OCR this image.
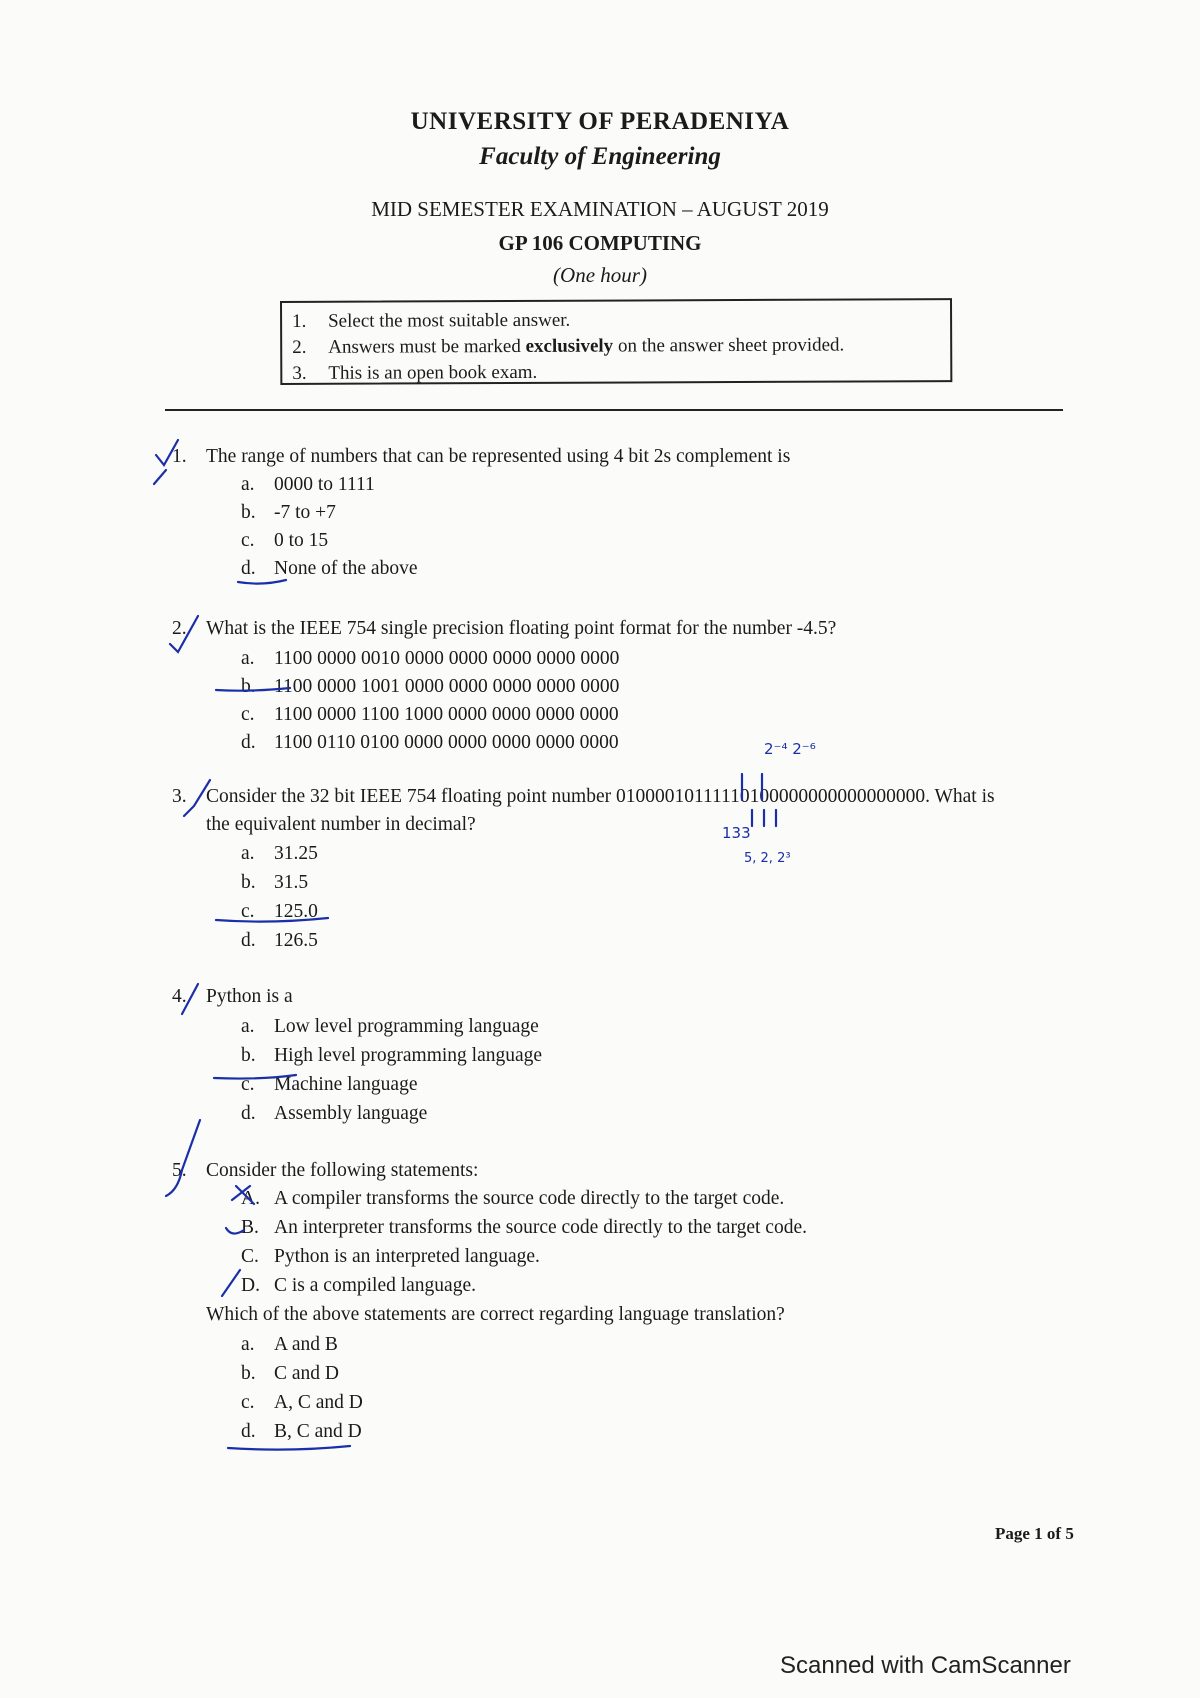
UNIVERSITY OF PERADENIYA
Faculty of Engineering
MID SEMESTER EXAMINATION – AUGUST 2019
GP 106 COMPUTING
(One hour)
1.	Select the most suitable answer.
2.	Answers must be marked exclusively on the answer sheet provided.
3.	This is an open book exam.
1. The range of numbers that can be represented using 4 bit 2s complement is
a. 0000 to 1111
b. -7 to +7
c. 0 to 15
d. None of the above
2. What is the IEEE 754 single precision floating point format for the number -4.5?
a. 1100 0000 0010 0000 0000 0000 0000 0000
b. 1100 0000 1001 0000 0000 0000 0000 0000
c. 1100 0000 1100 1000 0000 0000 0000 0000
d. 1100 0110 0100 0000 0000 0000 0000 0000
3. Consider the 32 bit IEEE 754 floating point number 01000010111110100000000000000000. What is
the equivalent number in decimal?
a. 31.25
b. 31.5
c. 125.0
d. 126.5
4. Python is a
a. Low level programming language
b. High level programming language
c. Machine language
d. Assembly language
5. Consider the following statements:
A. A compiler transforms the source code directly to the target code.
B. An interpreter transforms the source code directly to the target code.
C. Python is an interpreted language.
D. C is a compiled language.
Which of the above statements are correct regarding language translation?
a. A and B
b. C and D
c. A, C and D
d. B, C and D
Page 1 of 5
2⁻⁴ 2⁻⁶
133
5, 2, 2³
Scanned with CamScanner
